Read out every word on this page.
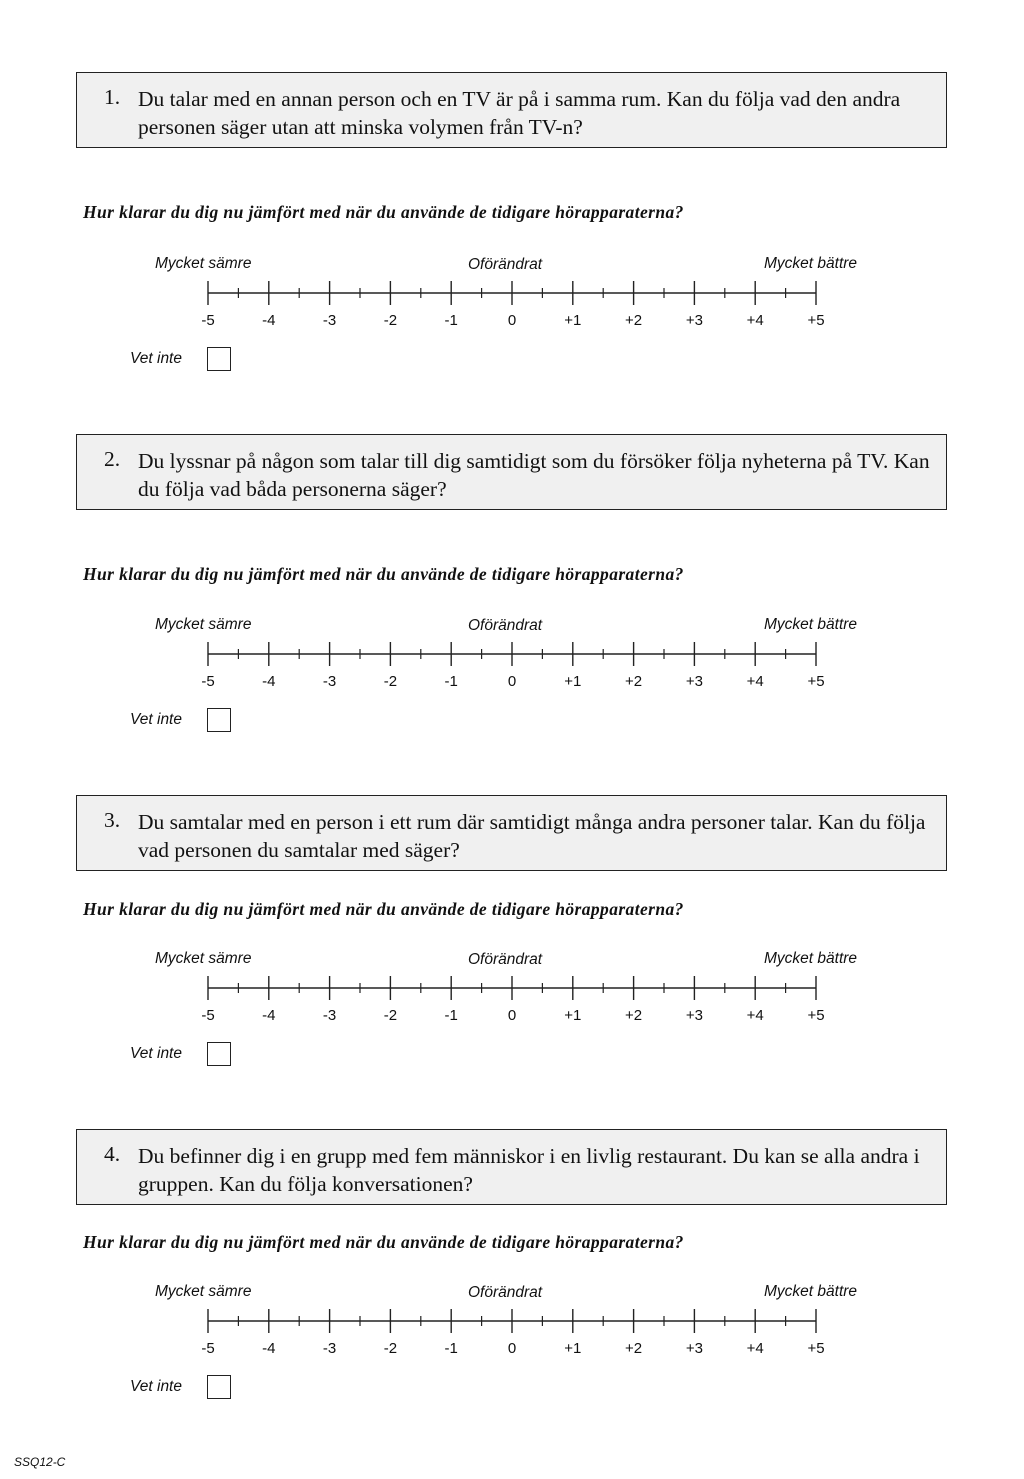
1. Du talar med en annan person och en TV är på i samma rum. Kan du följa vad den andra personen säger utan att minska volymen från TV-n?
Hur klarar du dig nu jämfört med när du använde de tidigare hörapparaterna?
Mycket sämre	Oförändrat	Mycket bättre
-5	-4	-3	-2	-1	0	+1	+2	+3	+4	+5
Vet inte
2. Du lyssnar på någon som talar till dig samtidigt som du försöker följa nyheterna på TV. Kan du följa vad båda personerna säger?
Hur klarar du dig nu jämfört med när du använde de tidigare hörapparaterna?
Mycket sämre	Oförändrat	Mycket bättre
-5	-4	-3	-2	-1	0	+1	+2	+3	+4	+5
Vet inte
3. Du samtalar med en person i ett rum där samtidigt många andra personer talar. Kan du följa vad personen du samtalar med säger?
Hur klarar du dig nu jämfört med när du använde de tidigare hörapparaterna?
Mycket sämre	Oförändrat	Mycket bättre
-5	-4	-3	-2	-1	0	+1	+2	+3	+4	+5
Vet inte
4. Du befinner dig i en grupp med fem människor i en livlig restaurant. Du kan se alla andra i gruppen. Kan du följa konversationen?
Hur klarar du dig nu jämfört med när du använde de tidigare hörapparaterna?
Mycket sämre	Oförändrat	Mycket bättre
-5	-4	-3	-2	-1	0	+1	+2	+3	+4	+5
Vet inte
SSQ12-C
